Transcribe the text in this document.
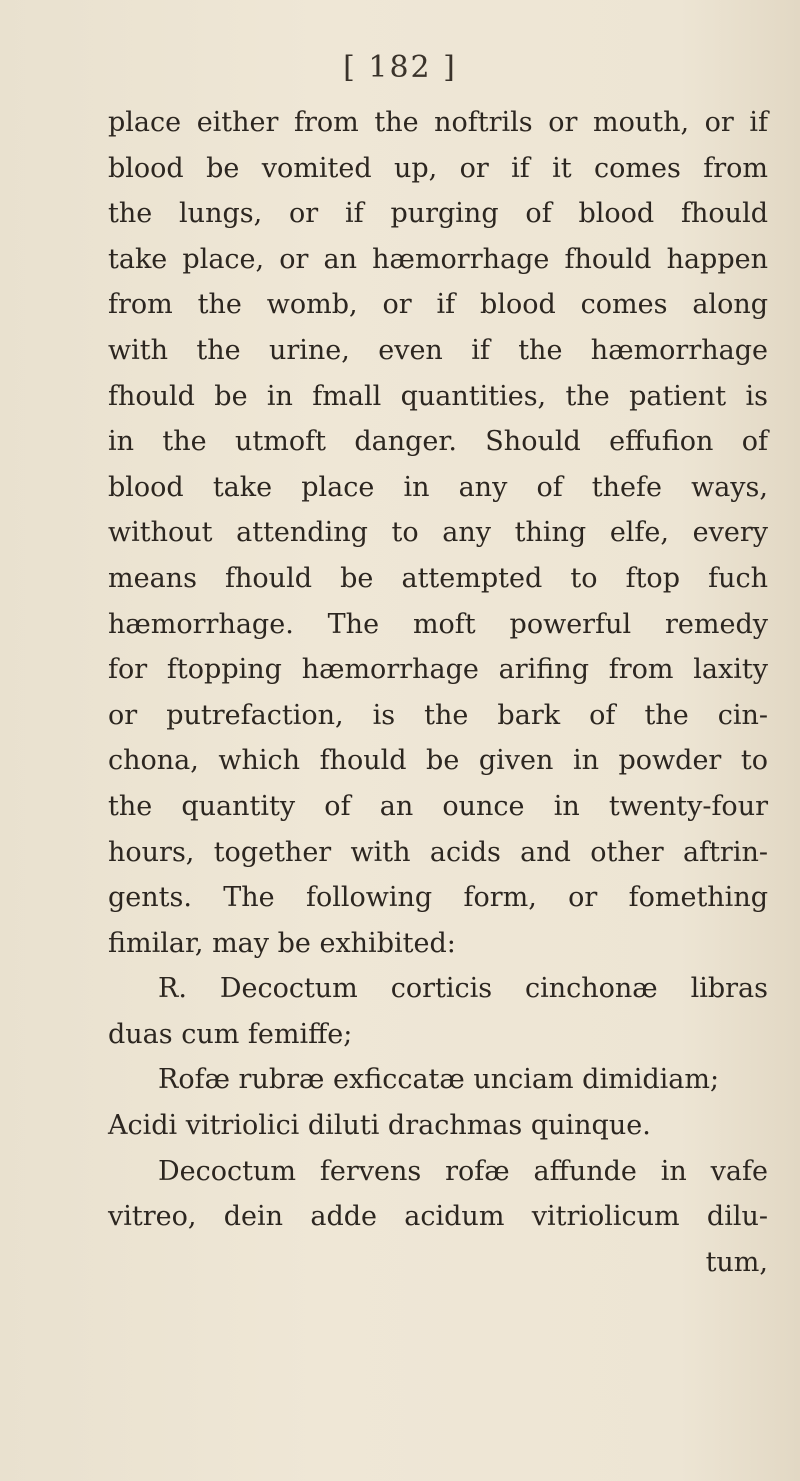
[ 182 ]
place either from the noftrils or mouth, or if
blood be vomited up, or if it comes from
the lungs, or if purging of blood fhould
take place, or an hæmorrhage fhould happen
from the womb, or if blood comes along
with the urine, even if the hæmorrhage
fhould be in fmall quantities, the patient is
in the utmoft danger. Should effufion of
blood take place in any of thefe ways,
without attending to any thing elfe, every
means fhould be attempted to ftop fuch
hæmorrhage. The moft powerful remedy
for ftopping hæmorrhage arifing from laxity
or putrefaction, is the bark of the cin-
chona, which fhould be given in powder to
the quantity of an ounce in twenty-four
hours, together with acids and other aftrin-
gents. The following form, or fomething
fimilar, may be exhibited:
R. Decoctum corticis cinchonæ libras
duas cum femiffe;
Rofæ rubræ exficcatæ unciam dimidiam;
Acidi vitriolici diluti drachmas quinque.
Decoctum fervens rofæ affunde in vafe
vitreo, dein adde acidum vitriolicum dilu-
tum,
